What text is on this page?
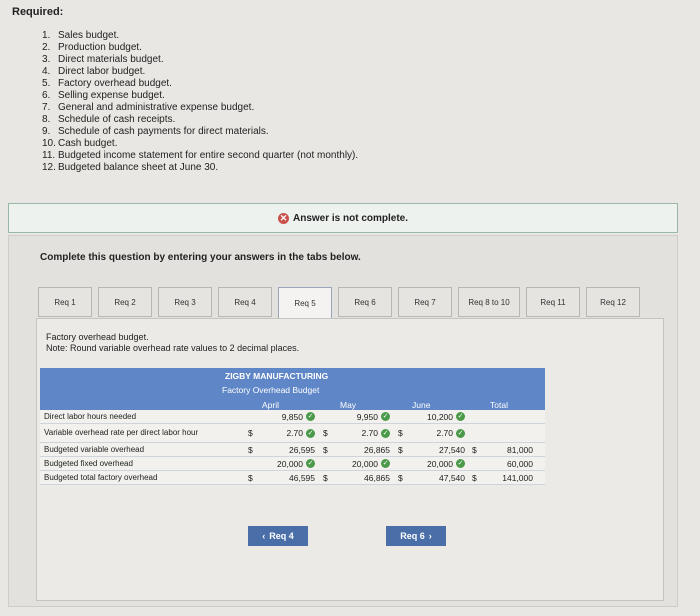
Required:
1. Sales budget.
2. Production budget.
3. Direct materials budget.
4. Direct labor budget.
5. Factory overhead budget.
6. Selling expense budget.
7. General and administrative expense budget.
8. Schedule of cash receipts.
9. Schedule of cash payments for direct materials.
10. Cash budget.
11. Budgeted income statement for entire second quarter (not monthly).
12. Budgeted balance sheet at June 30.
✕ Answer is not complete.
Complete this question by entering your answers in the tabs below.
Req 1	Req 2	Req 3	Req 4	Req 5	Req 6	Req 7	Req 8 to 10	Req 11	Req 12
Factory overhead budget.
Note: Round variable overhead rate values to 2 decimal places.
ZIGBY MANUFACTURING
Factory Overhead Budget
April	May	June	Total
Direct labor hours needed	9,850 ✓	9,950 ✓	10,200 ✓
Variable overhead rate per direct labor hour	$	2.70 ✓ $	2.70 ✓ $	2.70 ✓
Budgeted variable overhead	$	26,595 $	26,865 $	27,540 $	81,000
Budgeted fixed overhead	20,000 ✓	20,000 ✓	20,000 ✓	60,000
Budgeted total factory overhead	$	46,595 $	46,865 $	47,540 $	141,000
‹ Req 4	Req 6 ›
